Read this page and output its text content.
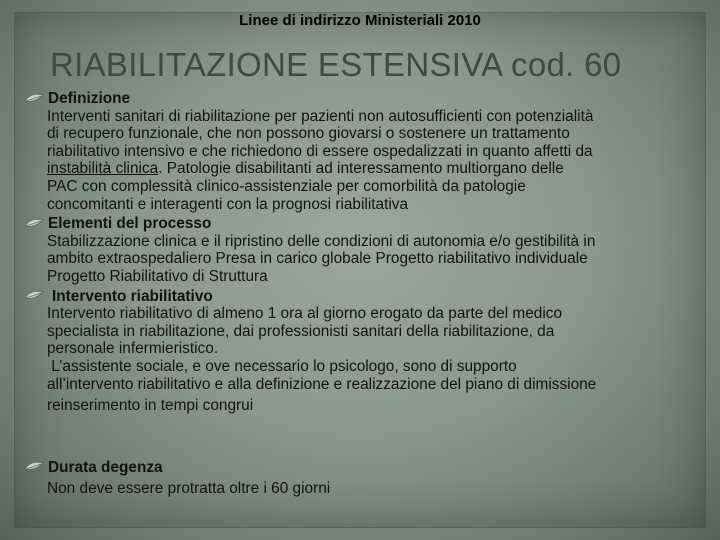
Linee di indirizzo Ministeriali 2010
RIABILITAZIONE ESTENSIVA cod. 60
Definizione
Interventi sanitari di riabilitazione per pazienti non autosufficienti con potenzialità
di recupero funzionale, che non possono giovarsi o sostenere un trattamento
riabilitativo intensivo e che richiedono di essere ospedalizzati in quanto affetti da
instabilità clinica. Patologie disabilitanti ad interessamento multiorgano delle
PAC con complessità clinico-assistenziale per comorbilità da patologie
concomitanti e interagenti con la prognosi riabilitativa
Elementi del processo
Stabilizzazione clinica e il ripristino delle condizioni di autonomia e/o gestibilità in
ambito extraospedaliero Presa in carico globale Progetto riabilitativo individuale
Progetto Riabilitativo di Struttura
Intervento riabilitativo
Intervento riabilitativo di almeno 1 ora al giorno erogato da parte del medico
specialista in riabilitazione, dai professionisti sanitari della riabilitazione, da
personale infermieristico.
L’assistente sociale, e ove necessario lo psicologo, sono di supporto
all’intervento riabilitativo e alla definizione e realizzazione del piano di dimissione
reinserimento in tempi congrui
Durata degenza
Non deve essere protratta oltre i 60 giorni
